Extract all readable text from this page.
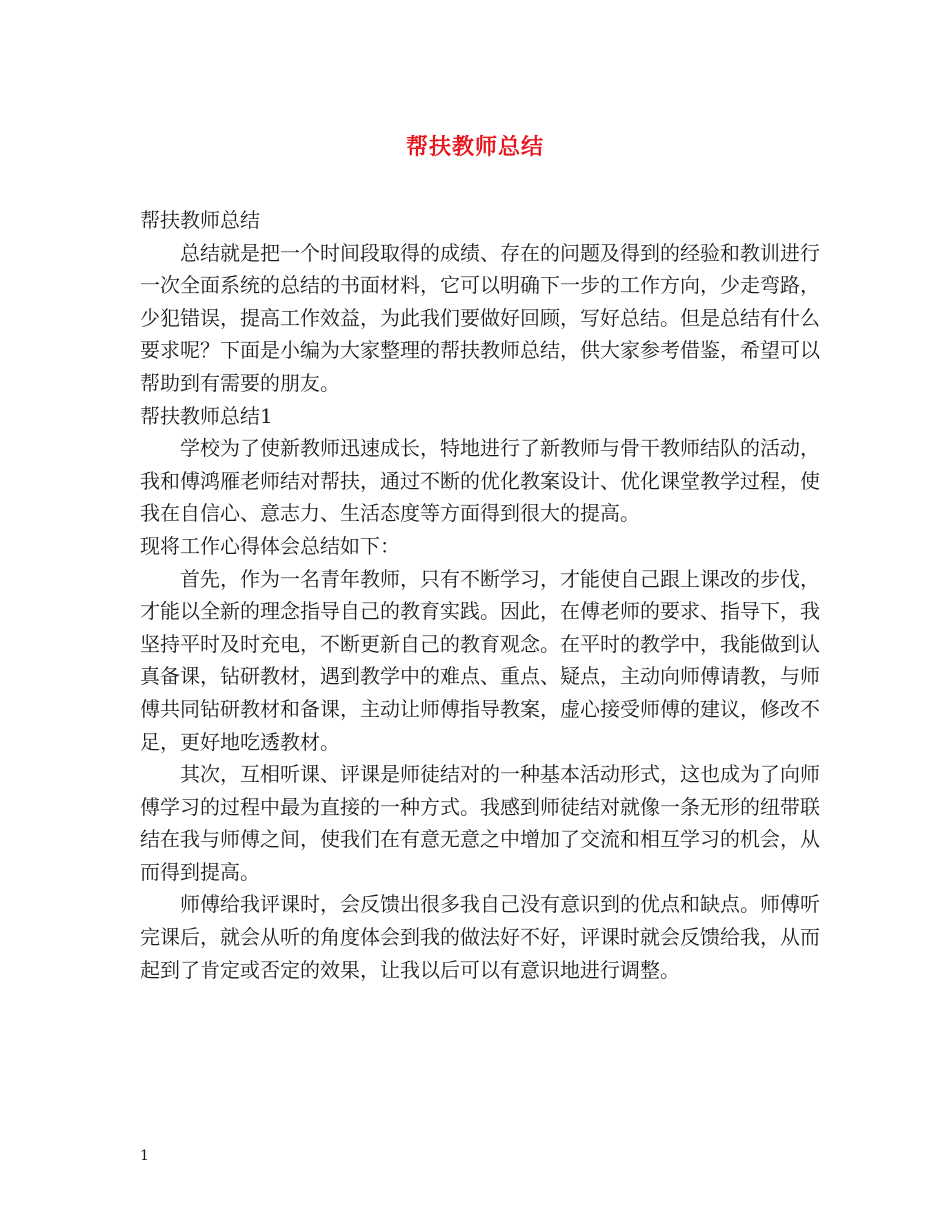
帮扶教师总结

帮扶教师总结

总结就是把一个时间段取得的成绩、存在的问题及得到的经验和教训进行一次全面系统的总结的书面材料，它可以明确下一步的工作方向，少走弯路，少犯错误，提高工作效益，为此我们要做好回顾，写好总结。但是总结有什么要求呢？下面是小编为大家整理的帮扶教师总结，供大家参考借鉴，希望可以帮助到有需要的朋友。

帮扶教师总结1

学校为了使新教师迅速成长，特地进行了新教师与骨干教师结队的活动，我和傅鸿雁老师结对帮扶，通过不断的优化教案设计、优化课堂教学过程，使我在自信心、意志力、生活态度等方面得到很大的提高。

现将工作心得体会总结如下：

首先，作为一名青年教师，只有不断学习，才能使自己跟上课改的步伐，才能以全新的理念指导自己的教育实践。因此，在傅老师的要求、指导下，我坚持平时及时充电，不断更新自己的教育观念。在平时的教学中，我能做到认真备课，钻研教材，遇到教学中的难点、重点、疑点，主动向师傅请教，与师傅共同钻研教材和备课，主动让师傅指导教案，虚心接受师傅的建议，修改不足，更好地吃透教材。

其次，互相听课、评课是师徒结对的一种基本活动形式，这也成为了向师傅学习的过程中最为直接的一种方式。我感到师徒结对就像一条无形的纽带联结在我与师傅之间，使我们在有意无意之中增加了交流和相互学习的机会，从而得到提高。

师傅给我评课时，会反馈出很多我自己没有意识到的优点和缺点。师傅听完课后，就会从听的角度体会到我的做法好不好，评课时就会反馈给我，从而起到了肯定或否定的效果，让我以后可以有意识地进行调整。

1
